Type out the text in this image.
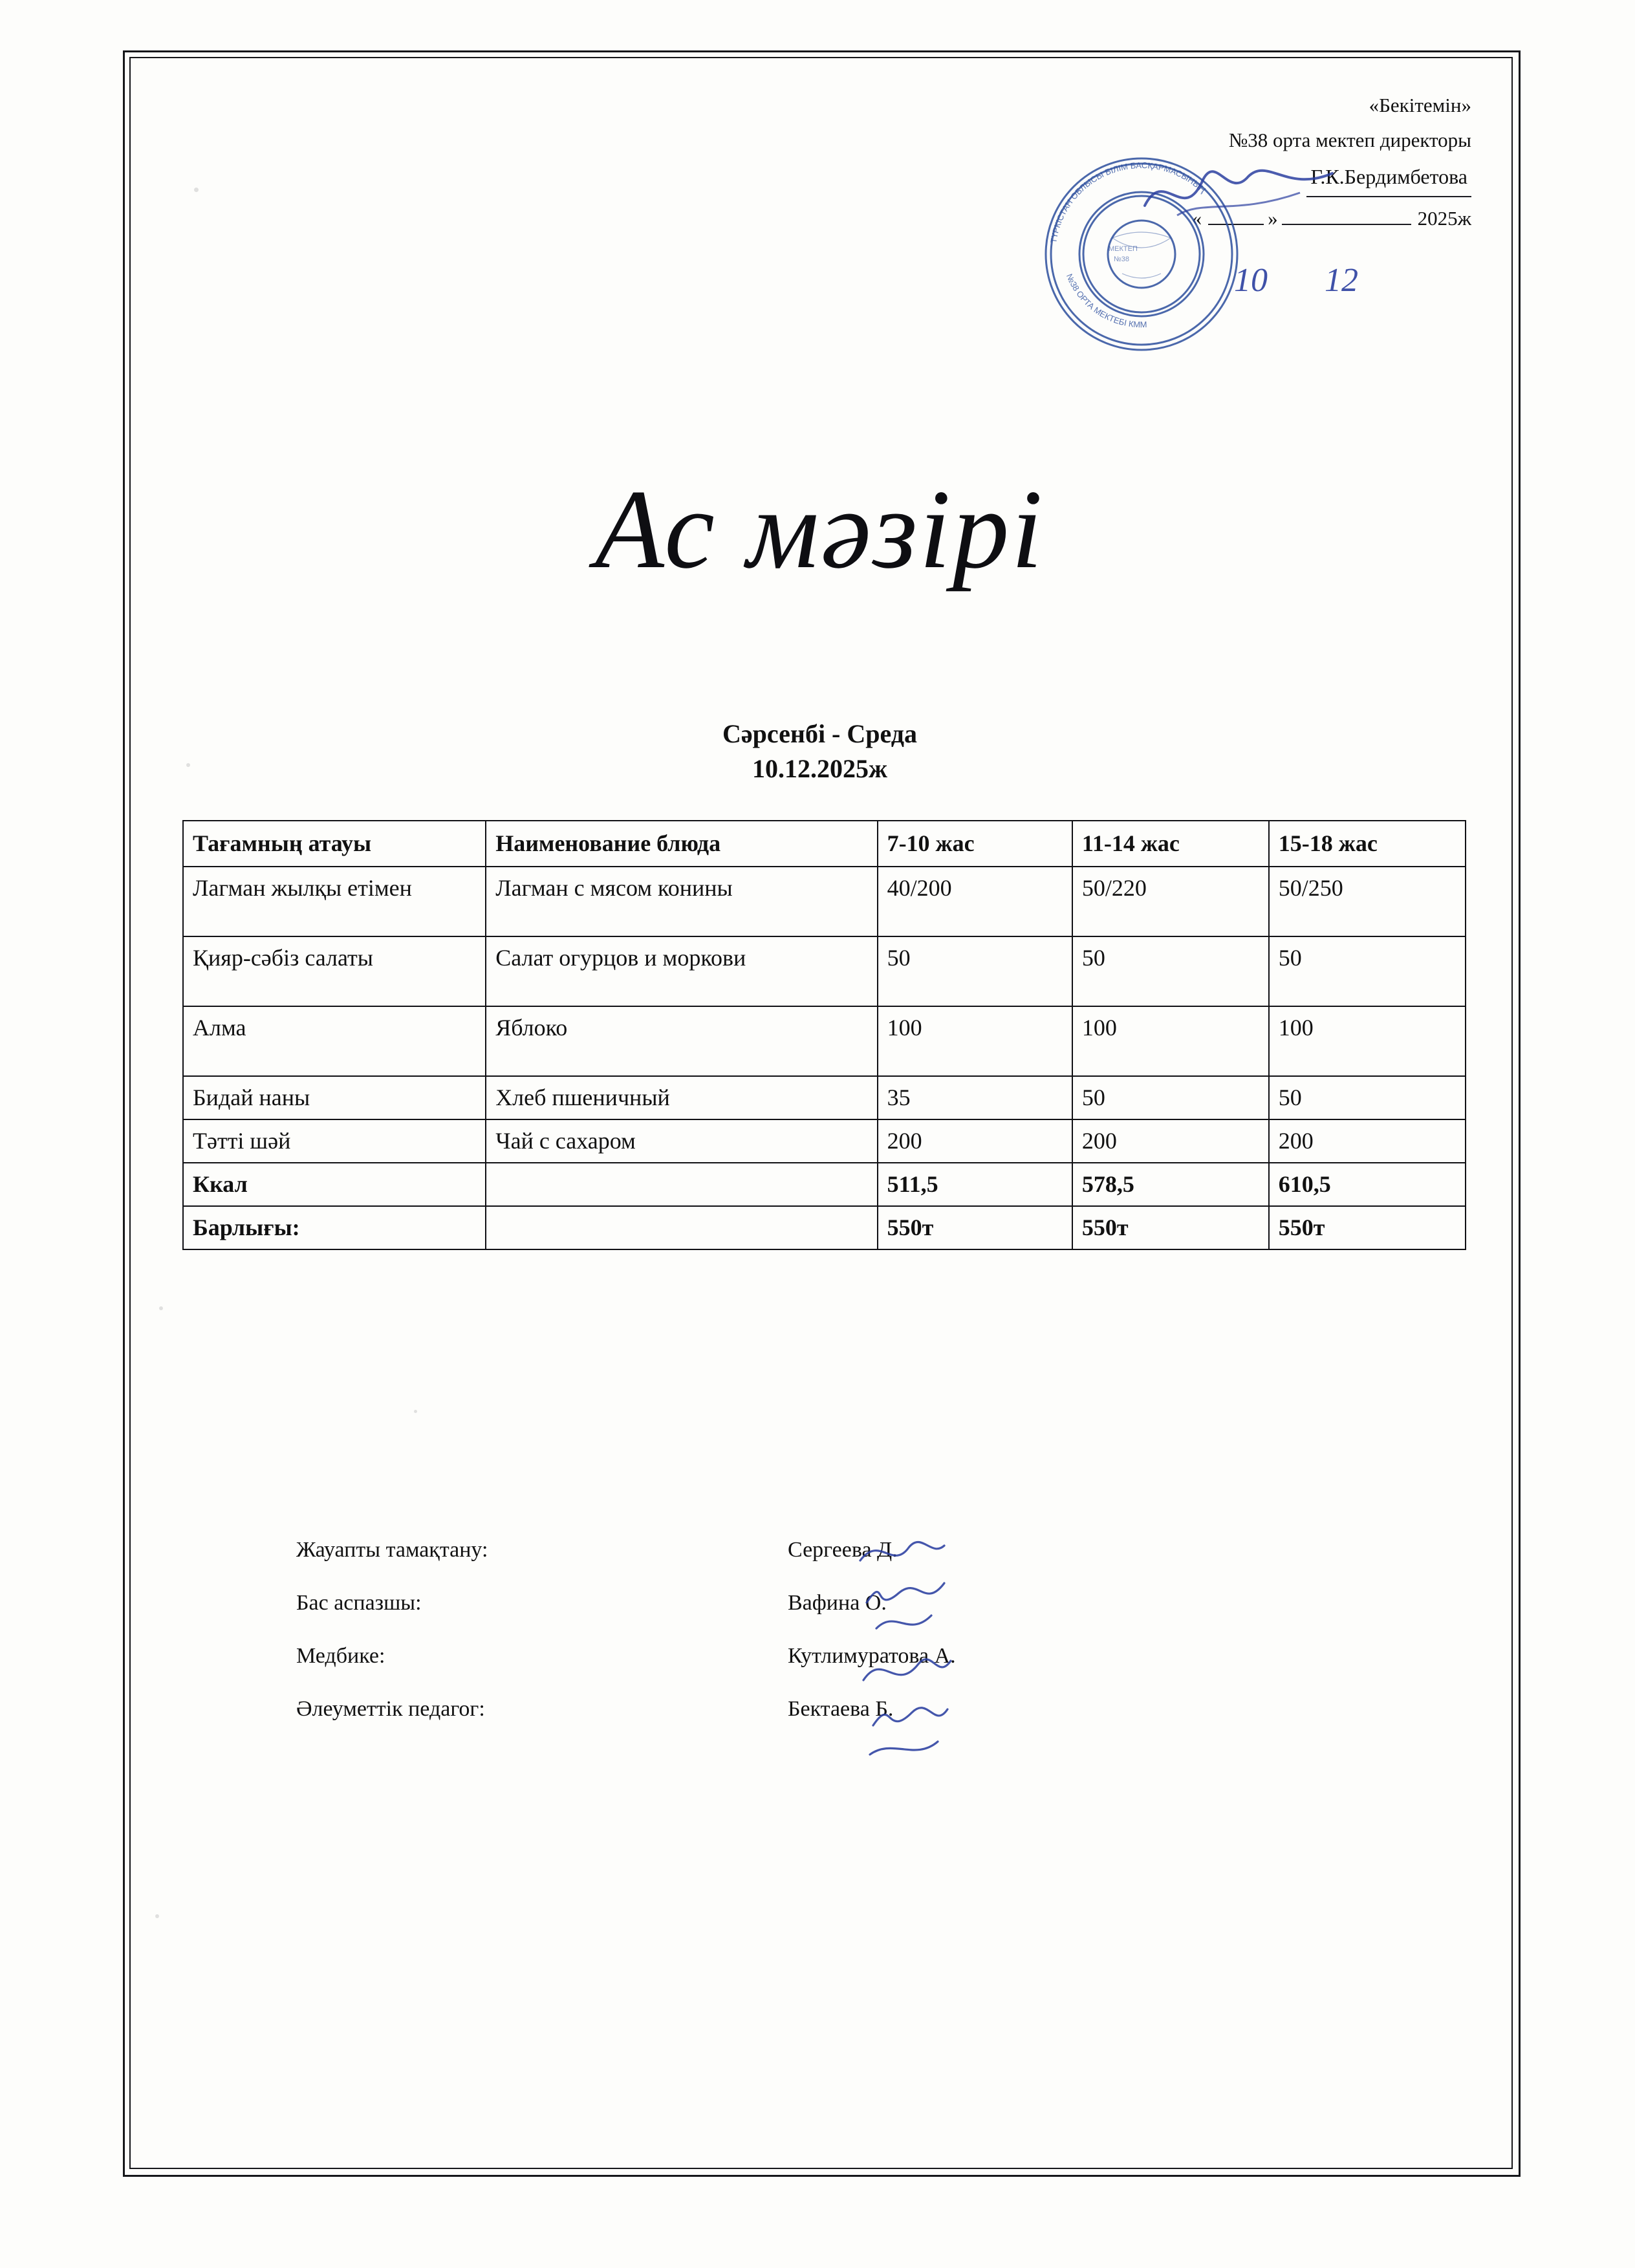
«Бекітемін»
№38 орта мектеп директоры
Г.К.Бердимбетова
«	»	2025ж
ТҮРКІСТАН ОБЛЫСЫ БІЛІМ БАСҚАРМАСЫНЫҢ
№38 ОРТА МЕКТЕБІ КММ
МЕКТЕП
№38
10 12
Ас мәзірі
Сәрсенбі - Среда
10.12.2025ж
Тағамның атауы	Наименование блюда	7-10 жас	11-14 жас	15-18 жас
Лагман жылқы етімен	Лагман с мясом конины	40/200	50/220	50/250
Қияр-сәбіз салаты	Салат огурцов и моркови	50	50	50
Алма	Яблоко	100	100	100
Бидай наны	Хлеб пшеничный	35	50	50
Тәтті шәй	Чай с сахаром	200	200	200
Ккал		511,5	578,5	610,5
Барлығы:		550т	550т	550т
Жауапты тамақтану:	Сергеева Д.
Бас аспазшы:	Вафина О.
Медбике:	Кутлимуратова А.
Әлеуметтік педагог:	Бектаева Б.
